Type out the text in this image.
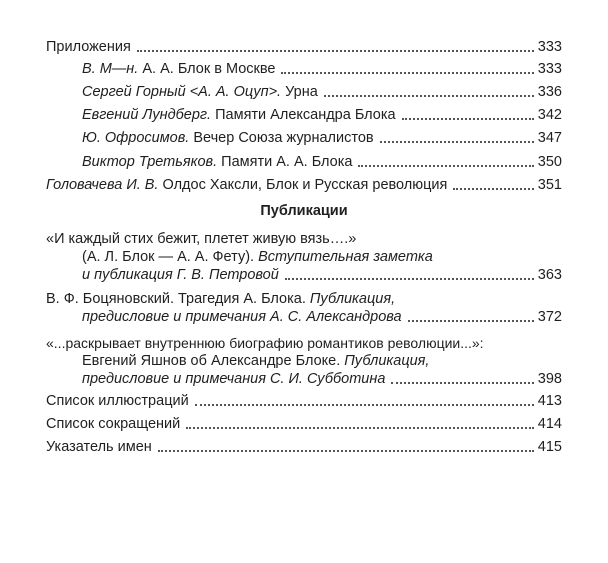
Приложения	333
В. М—н. А. А. Блок в Москве	333
Сергей Горный <А. А. Оцуп>. Урна	336
Евгений Лундберг. Памяти Александра Блока	342
Ю. Офросимов. Вечер Союза журналистов	347
Виктор Третьяков. Памяти А. А. Блока	350
Головачева И. В. Олдос Хаксли, Блок и Русская революция	351
Публикации
«И каждый стих бежит, плетет живую вязь….»
(А. Л. Блок — А. А. Фету). Вступительная заметка
и публикация Г. В. Петровой	363
В. Ф. Боцяновский. Трагедия А. Блока. Публикация,
предисловие и примечания А. С. Александрова	372
«...раскрывает внутреннюю биографию романтиков революции...»:
Евгений Яшнов об Александре Блоке. Публикация,
предисловие и примечания С. И. Субботина	398
Список иллюстраций	413
Список сокращений	414
Указатель имен	415
